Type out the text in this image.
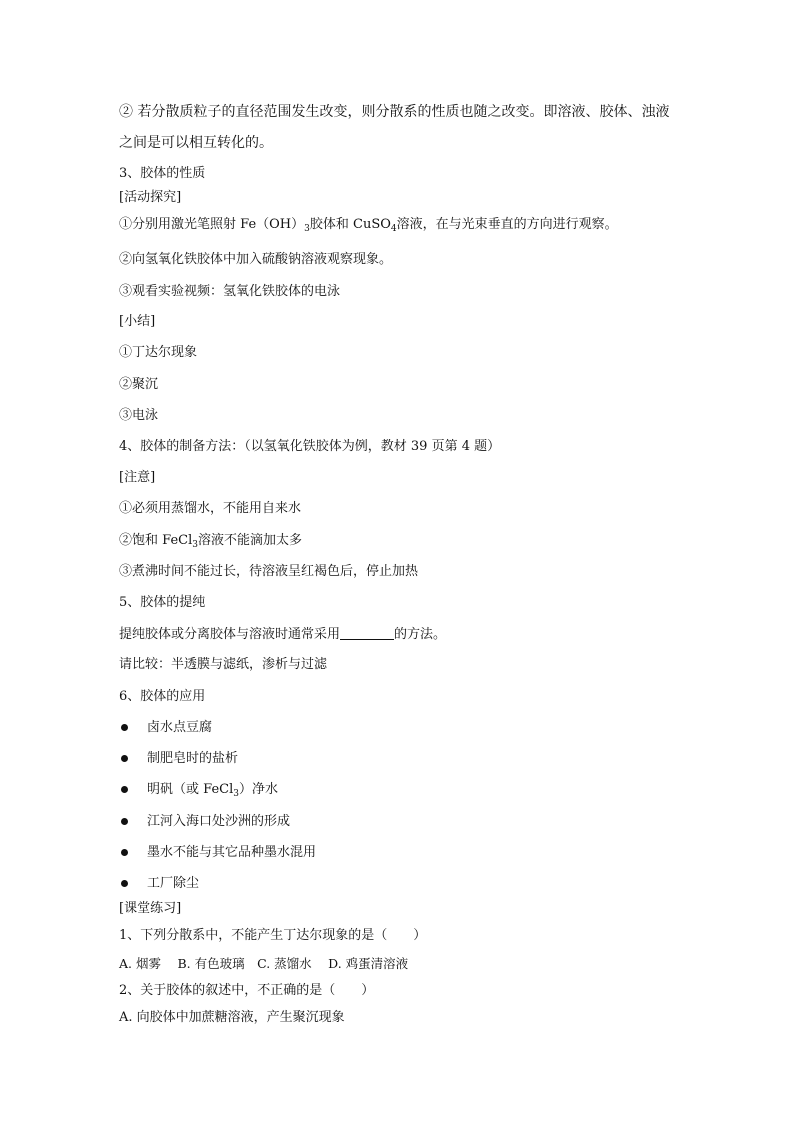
② 若分散质粒子的直径范围发生改变，则分散系的性质也随之改变。即溶液、胶体、浊液
之间是可以相互转化的。
3、胶体的性质
[活动探究]
①分别用激光笔照射 $Fe(OH)_3$胶体和 CuSO$_4$溶液，在与光束垂直的方向进行观察。
②向氢氧化铁胶体中加入硫酸钠溶液观察现象。
③观看实验视频：氢氧化铁胶体的电泳
[小结]
①丁达尔现象
②聚沉
③电泳
4、胶体的制备方法：（以氢氧化铁胶体为例，教材 39 页第 4 题）
[注意]
①必须用蒸馏水，不能用自来水
②饱和 FeCl$_3$溶液不能滴加太多
③煮沸时间不能过长，待溶液呈红褐色后，停止加热
5、胶体的提纯
提纯胶体或分离胶体与溶液时通常采用	的方法。
请比较：半透膜与滤纸，渗析与过滤
6、胶体的应用
卤水点豆腐
制肥皂时的盐析
明矾（或 FeCl$_3$）净水
江河入海口处沙洲的形成
墨水不能与其它品种墨水混用
工厂除尘
[课堂练习]
1、下列分散系中，不能产生丁达尔现象的是（　　）
A. 烟雾　 B. 有色玻璃　C. 蒸馏水　 D. 鸡蛋清溶液
2、关于胶体的叙述中，不正确的是（　　）
A. 向胶体中加蔗糖溶液，产生聚沉现象
